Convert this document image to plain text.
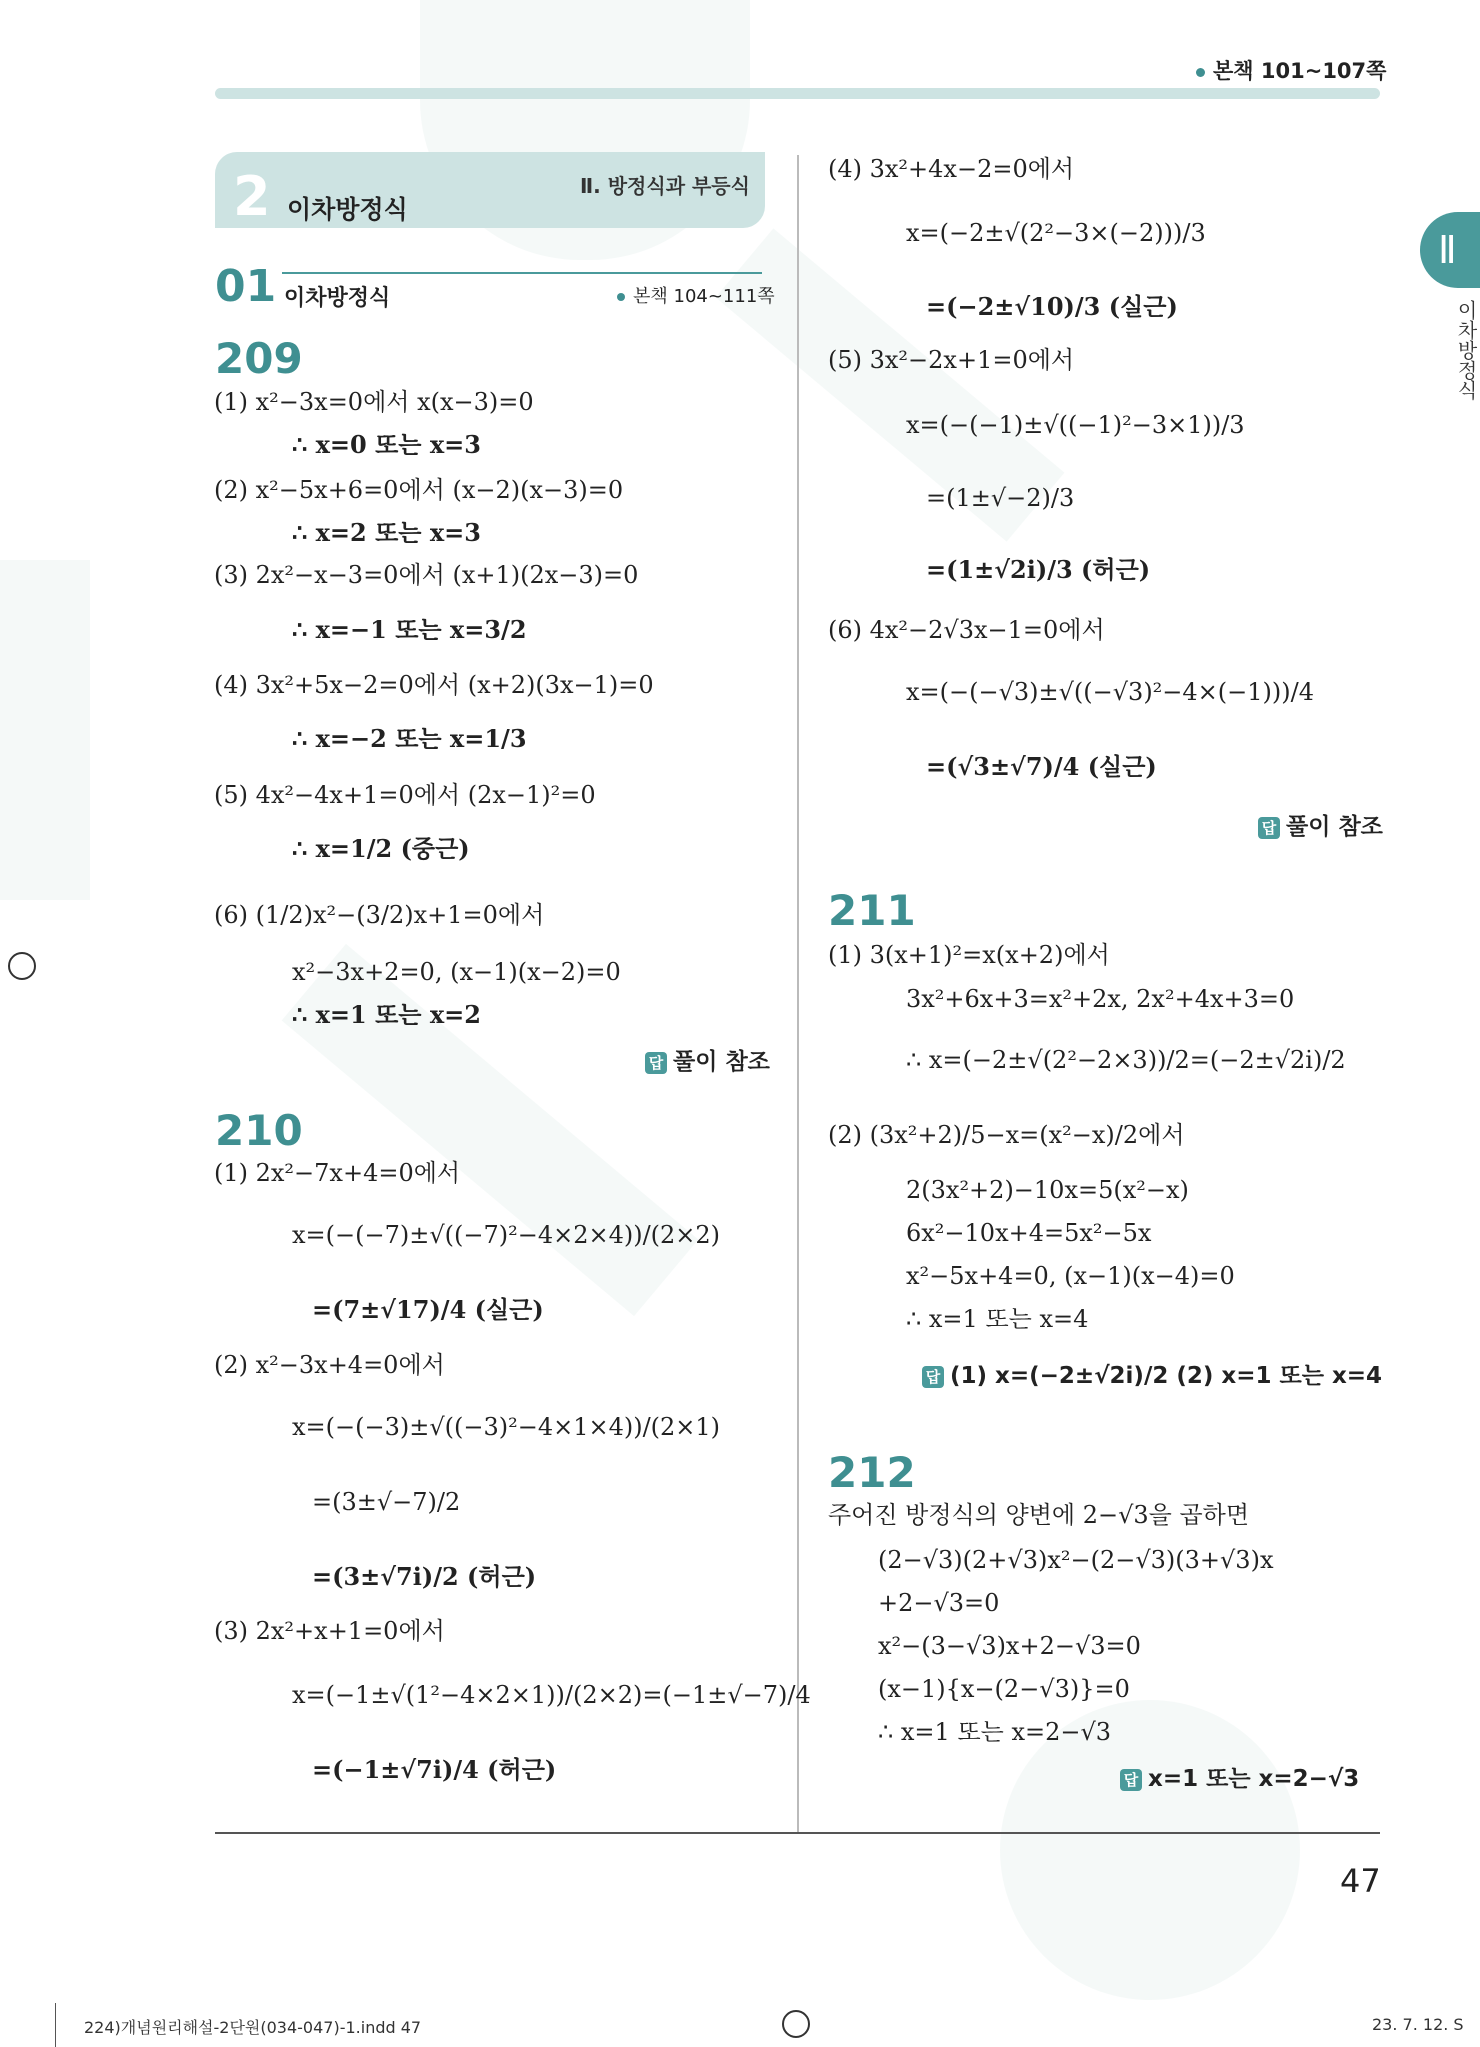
본책 101~107쪽
Ⅱ
이차방정식
2 이차방정식
Ⅱ. 방정식과 부등식
01 이차방정식	본책 104~111쪽
209
(1) x²−3x=0에서 x(x−3)=0
∴ x=0 또는 x=3
(2) x²−5x+6=0에서 (x−2)(x−3)=0
∴ x=2 또는 x=3
(3) 2x²−x−3=0에서 (x+1)(2x−3)=0
∴ x=−1 또는 x=3/2
(4) 3x²+5x−2=0에서 (x+2)(3x−1)=0
∴ x=−2 또는 x=1/3
(5) 4x²−4x+1=0에서 (2x−1)²=0
∴ x=1/2 (중근)
(6) (1/2)x²−(3/2)x+1=0에서
x²−3x+2=0, (x−1)(x−2)=0
∴ x=1 또는 x=2
답 풀이 참조
210
(1) 2x²−7x+4=0에서
x=(−(−7)±√((−7)²−4×2×4))/(2×2)
=(7±√17)/4 (실근)
(2) x²−3x+4=0에서
x=(−(−3)±√((−3)²−4×1×4))/(2×1)
=(3±√−7)/2
=(3±√7i)/2 (허근)
(3) 2x²+x+1=0에서
x=(−1±√(1²−4×2×1))/(2×2)=(−1±√−7)/4
=(−1±√7i)/4 (허근)
(4) 3x²+4x−2=0에서
x=(−2±√(2²−3×(−2)))/3
=(−2±√10)/3 (실근)
(5) 3x²−2x+1=0에서
x=(−(−1)±√((−1)²−3×1))/3
=(1±√−2)/3
=(1±√2i)/3 (허근)
(6) 4x²−2√3x−1=0에서
x=(−(−√3)±√((−√3)²−4×(−1)))/4
=(√3±√7)/4 (실근)
답 풀이 참조
211
(1) 3(x+1)²=x(x+2)에서
3x²+6x+3=x²+2x, 2x²+4x+3=0
∴ x=(−2±√(2²−2×3))/2=(−2±√2i)/2
(2) (3x²+2)/5−x=(x²−x)/2에서
2(3x²+2)−10x=5(x²−x)
6x²−10x+4=5x²−5x
x²−5x+4=0, (x−1)(x−4)=0
∴ x=1 또는 x=4
답 (1) x=(−2±√2i)/2 (2) x=1 또는 x=4
212
주어진 방정식의 양변에 2−√3을 곱하면
(2−√3)(2+√3)x²−(2−√3)(3+√3)x
+2−√3=0
x²−(3−√3)x+2−√3=0
(x−1){x−(2−√3)}=0
∴ x=1 또는 x=2−√3
답 x=1 또는 x=2−√3
47
224)개념원리해설-2단원(034-047)-1.indd 47	23. 7. 12. S
